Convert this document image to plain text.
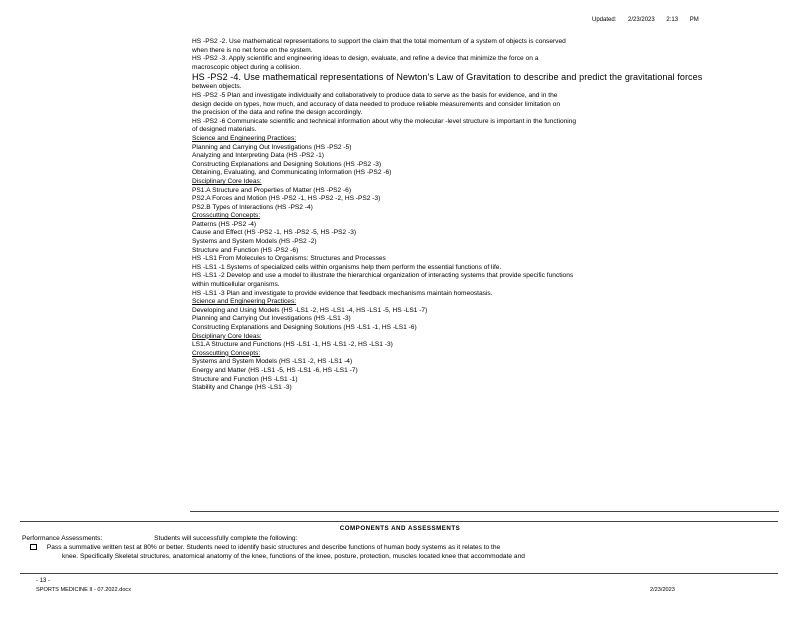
Updated: 2/23/2023 2:13 PM
HS -PS2 -2. Use mathematical representations to support the claim that the total momentum of a system of objects is conserved
when there is no net force on the system.
HS -PS2 -3. Apply scientific and engineering ideas to design, evaluate, and refine a device that minimize the force on a
macroscopic object during a collision.
HS -PS2 -4. Use mathematical representations of Newton's Law of Gravitation to describe and predict the gravitational forces
between objects.
HS -PS2 -5 Plan and investigate individually and collaboratively to produce data to serve as the basis for evidence, and in the
design decide on types, how much, and accuracy of data needed to produce reliable measurements and consider limitation on
the precision of the data and refine the design accordingly.
HS -PS2 -6 Communicate scientific and technical information about why the molecular -level structure is important in the functioning
of designed materials.
Science and Engineering Practices:
Planning and Carrying Out Investigations (HS -PS2 -5)
Analyzing and Interpreting Data (HS -PS2 -1)
Constructing Explanations and Designing Solutions (HS -PS2 -3)
Obtaining, Evaluating, and Communicating Information (HS -PS2 -6)
Disciplinary Core Ideas:
PS1.A Structure and Properties of Matter (HS -PS2 -6)
PS2.A Forces and Motion (HS -PS2 -1, HS -PS2 -2, HS -PS2 -3)
PS2.B Types of Interactions (HS -PS2 -4)
Crosscutting Concepts:
Patterns (HS -PS2 -4)
Cause and Effect (HS -PS2 -1, HS -PS2 -5, HS -PS2 -3)
Systems and System Models (HS -PS2 -2)
Structure and Function (HS -PS2 -6)
HS -LS1 From Molecules to Organisms: Structures and Processes
HS -LS1 -1 Systems of specialized cells within organisms help them perform the essential functions of life.
HS -LS1 -2 Develop and use a model to illustrate the hierarchical organization of interacting systems that provide specific functions
within multicellular organisms.
HS -LS1 -3 Plan and investigate to provide evidence that feedback mechanisms maintain homeostasis.
Science and Engineering Practices:
Developing and Using Models (HS -LS1 -2, HS -LS1 -4, HS -LS1 -5, HS -LS1 -7)
Planning and Carrying Out Investigations (HS -LS1 -3)
Constructing Explanations and Designing Solutions (HS -LS1 -1, HS -LS1 -6)
Disciplinary Core Ideas:
LS1.A Structure and Functions (HS -LS1 -1, HS -LS1 -2, HS -LS1 -3)
Crosscutting Concepts:
Systems and System Models (HS -LS1 -2, HS -LS1 -4)
Energy and Matter (HS -LS1 -5, HS -LS1 -6, HS -LS1 -7)
Structure and Function (HS -LS1 -1)
Stability and Change (HS -LS1 -3)
COMPONENTS AND ASSESSMENTS
Performance Assessments:	Students will successfully complete the following:
Pass a summative written test at 80% or better. Students need to identify basic structures and describe functions of human body systems as it relates to the
knee. Specifically Skeletal structures, anatomical anatomy of the knee, functions of the knee, posture, protection, muscles located knee that accommodate and
- 13 -
SPORTS MEDICINE II - 07.2022.docx	2/23/2023
